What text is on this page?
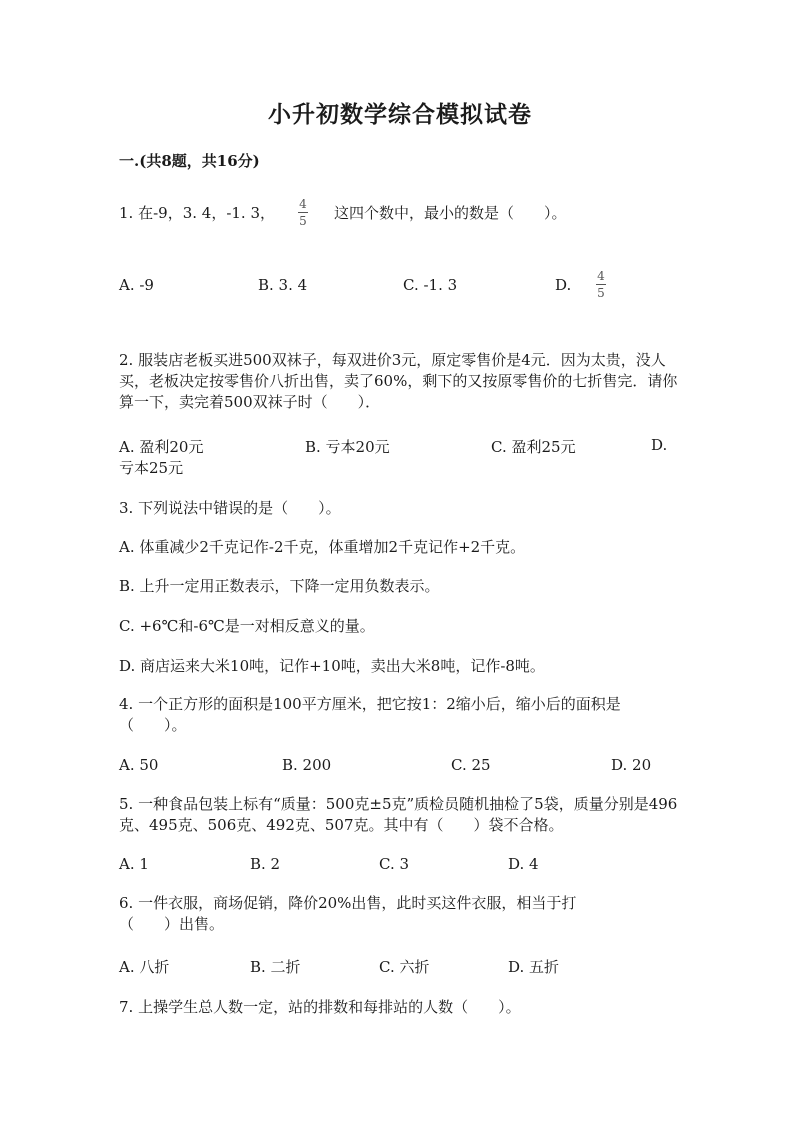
小升初数学综合模拟试卷
一.(共8题，共16分)
1. 在-9，3. 4，-1. 3， $\frac{4}{5}$ 这四个数中，最小的数是（　　）。
A. -9	B. 3. 4	C. -1. 3	D. $\frac{4}{5}$
2. 服装店老板买进500双袜子，每双进价3元，原定零售价是4元．因为太贵，没人买，老板决定按零售价八折出售，卖了60%，剩下的又按原零售价的七折售完．请你算一下，卖完着500双袜子时（　　）．
A. 盈利20元	B. 亏本20元	C. 盈利25元	D.
亏本25元
3. 下列说法中错误的是（　　）。
A. 体重减少2千克记作-2千克，体重增加2千克记作+2千克。
B. 上升一定用正数表示，下降一定用负数表示。
C. +6℃和-6℃是一对相反意义的量。
D. 商店运来大米10吨，记作+10吨，卖出大米8吨，记作-8吨。
4. 一个正方形的面积是100平方厘米，把它按1：2缩小后，缩小后的面积是（　　）。
A. 50	B. 200	C. 25	D. 20
5. 一种食品包装上标有“质量：500克±5克”质检员随机抽检了5袋，质量分别是496克、495克、506克、492克、507克。其中有（　　）袋不合格。
A. 1	B. 2	C. 3	D. 4
6. 一件衣服，商场促销，降价20%出售，此时买这件衣服，相当于打（　　）出售。
A. 八折	B. 二折	C. 六折	D. 五折
7. 上操学生总人数一定，站的排数和每排站的人数（　　）。
